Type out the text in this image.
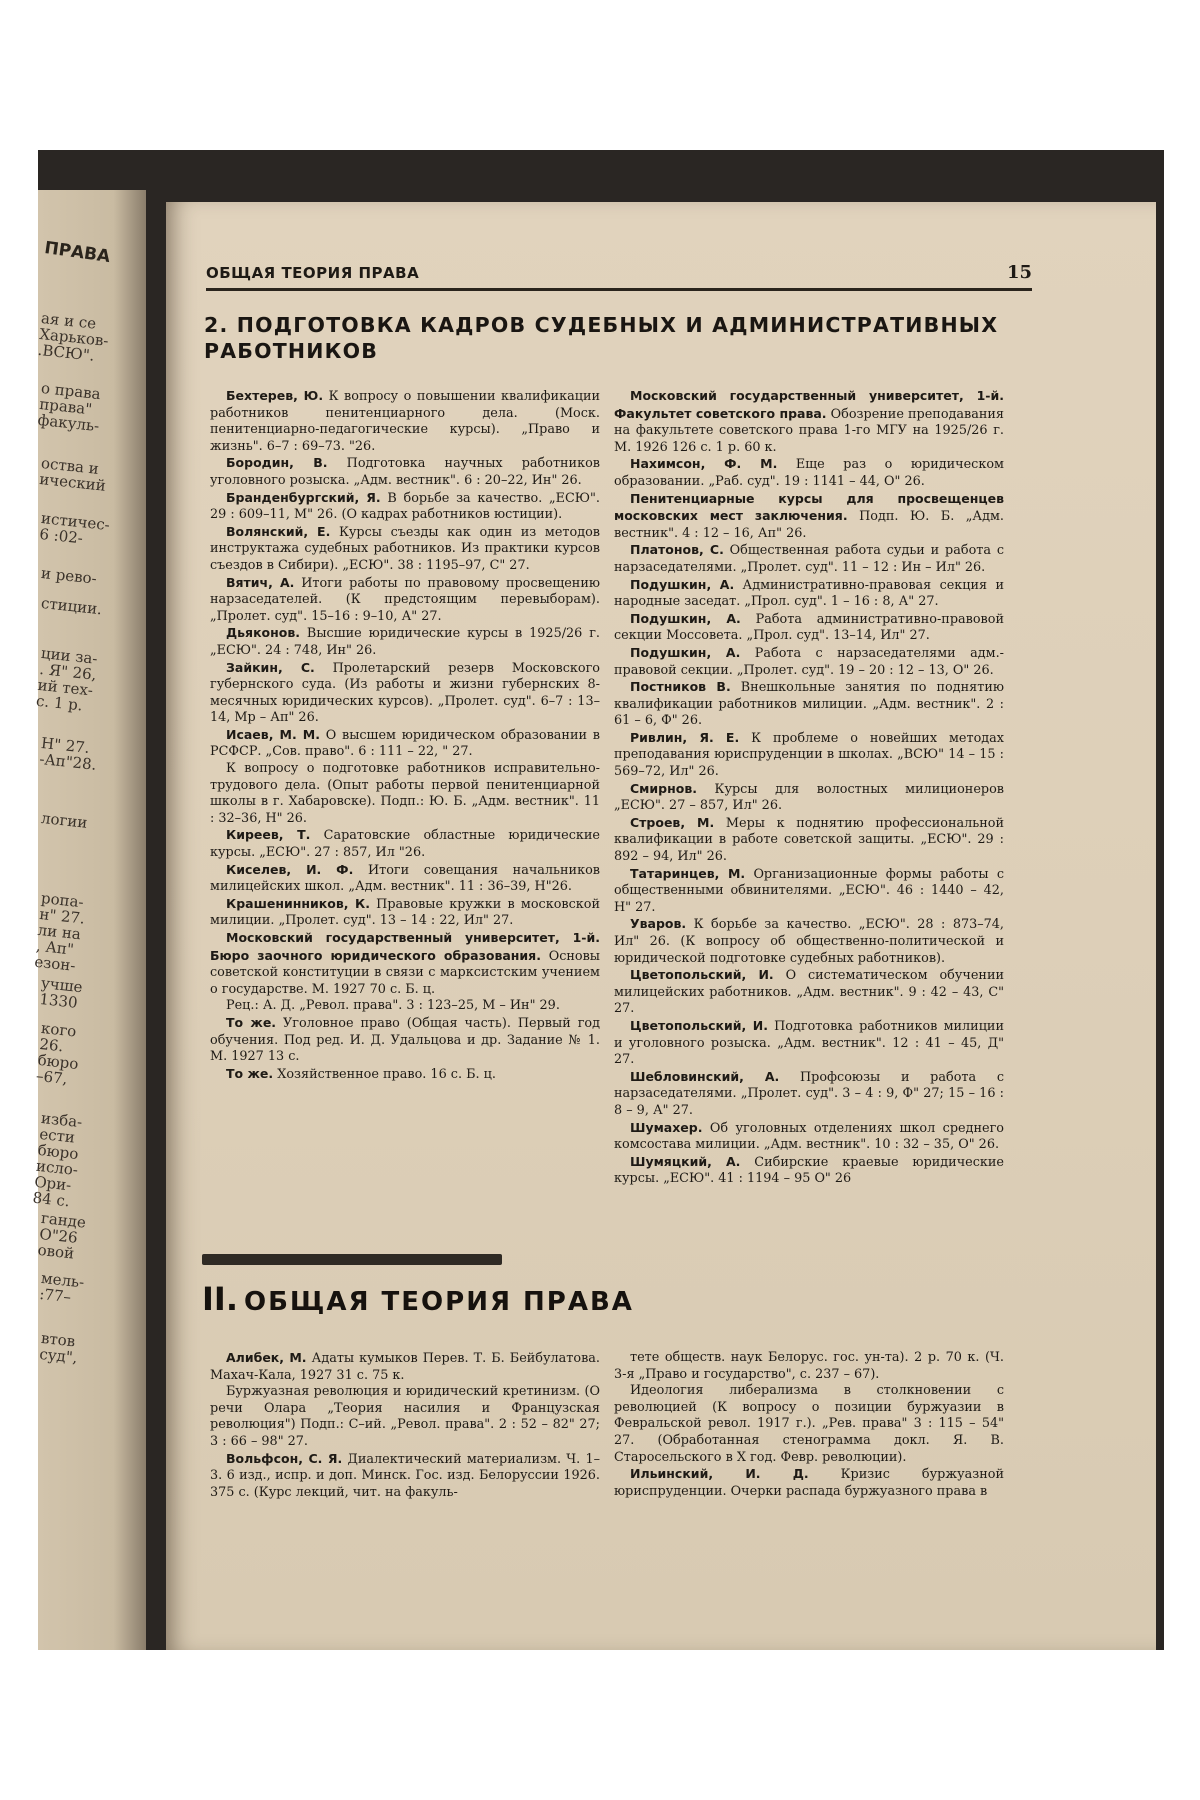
ПРАВА
ая и се
Харьков-
.ВСЮ".
о права
права"
факуль-
оства и
ический
истичес-
6 :02-
и рево-
стиции.
ции за-
. Я" 26,
ий тех-
с. 1 р.
Н" 27.
-Ап"28.
логии
ропа-
н" 27.
ли на
, Ап"
езон-
учше
1330
кого
26.
бюро
–67,
изба-
ести
бюро
исло-
Ори-
84 с.
ганде
О"26
овой
мель-
:77–
втов
суд",
ОБЩАЯ ТЕОРИЯ ПРАВА	15
2. ПОДГОТОВКА КАДРОВ СУДЕБНЫХ И АДМИНИСТРАТИВНЫХ РАБОТНИКОВ

Бехтерев, Ю. К вопросу о повышении квалификации работников пенитенциарного дела. (Моск. пенитенциарно-педагогические курсы). „Право и жизнь". 6–7 : 69–73. "26.

Бородин, В. Подготовка научных работников уголовного розыска. „Адм. вестник". 6 : 20–22, Ин" 26.

Бранденбургский, Я. В борьбе за качество. „ЕСЮ". 29 : 609–11, М" 26. (О кадрах работников юстиции).

Волянский, Е. Курсы съезды как один из методов инструктажа судебных работников. Из практики курсов съездов в Сибири). „ЕСЮ". 38 : 1195–97, С" 27.

Вятич, А. Итоги работы по правовому просвещению нарзаседателей. (К предстоящим перевыборам). „Пролет. суд". 15–16 : 9–10, А" 27.

Дьяконов. Высшие юридические курсы в 1925/26 г. „ЕСЮ". 24 : 748, Ин" 26.

Зайкин, С. Пролетарский резерв Московского губернского суда. (Из работы и жизни губернских 8-месячных юридических курсов). „Пролет. суд". 6–7 : 13–14, Мр – Ап" 26.

Исаев, М. М. О высшем юридическом образовании в РСФСР. „Сов. право". 6 : 111 – 22, " 27.

К вопросу о подготовке работников исправительно-трудового дела. (Опыт работы первой пенитенциарной школы в г. Хабаровске). Подп.: Ю. Б. „Адм. вестник". 11 : 32–36, Н" 26.

Киреев, Т. Саратовские областные юридические курсы. „ЕСЮ". 27 : 857, Ил "26.

Киселев, И. Ф. Итоги совещания начальников милицейских школ. „Адм. вестник". 11 : 36–39, Н"26.

Крашенинников, К. Правовые кружки в московской милиции. „Пролет. суд". 13 – 14 : 22, Ил" 27.

Московский государственный университет, 1-й. Бюро заочного юридического образования. Основы советской конституции в связи с марксистским учением о государстве. М. 1927 70 с. Б. ц.

Рец.: А. Д. „Револ. права". 3 : 123–25, М – Ин" 29.

То же. Уголовное право (Общая часть). Первый год обучения. Под ред. И. Д. Удальцова и др. Задание № 1. М. 1927 13 с.

То же. Хозяйственное право. 16 с. Б. ц.

Московский государственный университет, 1-й. Факультет советского права. Обозрение преподавания на факультете советского права 1-го МГУ на 1925/26 г. М. 1926 126 с. 1 р. 60 к.

Нахимсон, Ф. М. Еще раз о юридическом образовании. „Раб. суд". 19 : 1141 – 44, О" 26.

Пенитенциарные курсы для просвещенцев московских мест заключения. Подп. Ю. Б. „Адм. вестник". 4 : 12 – 16, Ап" 26.

Платонов, С. Общественная работа судьи и работа с нарзаседателями. „Пролет. суд". 11 – 12 : Ин – Ил" 26.

Подушкин, А. Административно-правовая секция и народные заседат. „Прол. суд". 1 – 16 : 8, А" 27.

Подушкин, А. Работа административно-правовой секции Моссовета. „Прол. суд". 13–14, Ил" 27.

Подушкин, А. Работа с нарзаседателями адм.-правовой секции. „Пролет. суд". 19 – 20 : 12 – 13, О" 26.

Постников В. Внешкольные занятия по поднятию квалификации работников милиции. „Адм. вестник". 2 : 61 – 6, Ф" 26.

Ривлин, Я. Е. К проблеме о новейших методах преподавания юриспруденции в школах. „ВСЮ" 14 – 15 : 569–72, Ил" 26.

Смирнов. Курсы для волостных милиционеров „ЕСЮ". 27 – 857, Ил" 26.

Строев, М. Меры к поднятию профессиональной квалификации в работе советской защиты. „ЕСЮ". 29 : 892 – 94, Ил" 26.

Татаринцев, М. Организационные формы работы с общественными обвинителями. „ЕСЮ". 46 : 1440 – 42, Н" 27.

Уваров. К борьбе за качество. „ЕСЮ". 28 : 873–74, Ил" 26. (К вопросу об общественно-политической и юридической подготовке судебных работников).

Цветопольский, И. О систематическом обучении милицейских работников. „Адм. вестник". 9 : 42 – 43, С" 27.

Цветопольский, И. Подготовка работников милиции и уголовного розыска. „Адм. вестник". 12 : 41 – 45, Д" 27.

Шебловинский, А. Профсоюзы и работа с нарзаседателями. „Пролет. суд". 3 – 4 : 9, Ф" 27; 15 – 16 : 8 – 9, А" 27.

Шумахер. Об уголовных отделениях школ среднего комсостава милиции. „Адм. вестник". 10 : 32 – 35, О" 26.

Шумяцкий, А. Сибирские краевые юридические курсы. „ЕСЮ". 41 : 1194 – 95 О" 26

II. ОБЩАЯ ТЕОРИЯ ПРАВА

Алибек, М. Адаты кумыков Перев. Т. Б. Бейбулатова. Махач-Кала, 1927 31 с. 75 к.

Буржуазная революция и юридический кретинизм. (О речи Олара „Теория насилия и Французская революция") Подп.: С–ий. „Револ. права". 2 : 52 – 82" 27; 3 : 66 – 98" 27.

Вольфсон, С. Я. Диалектический материализм. Ч. 1–3. 6 изд., испр. и доп. Минск. Гос. изд. Белоруссии 1926. 375 с. (Курс лекций, чит. на факуль-

тете обществ. наук Белорус. гос. ун-та). 2 р. 70 к. (Ч. 3-я „Право и государство", с. 237 – 67).

Идеология либерализма в столкновении с революцией (К вопросу о позиции буржуазии в Февральской револ. 1917 г.). „Рев. права" 3 : 115 – 54" 27. (Обработанная стенограмма докл. Я. В. Старосельского в Х год. Февр. революции).

Ильинский, И. Д. Кризис буржуазной юриспруденции. Очерки распада буржуазного права в
